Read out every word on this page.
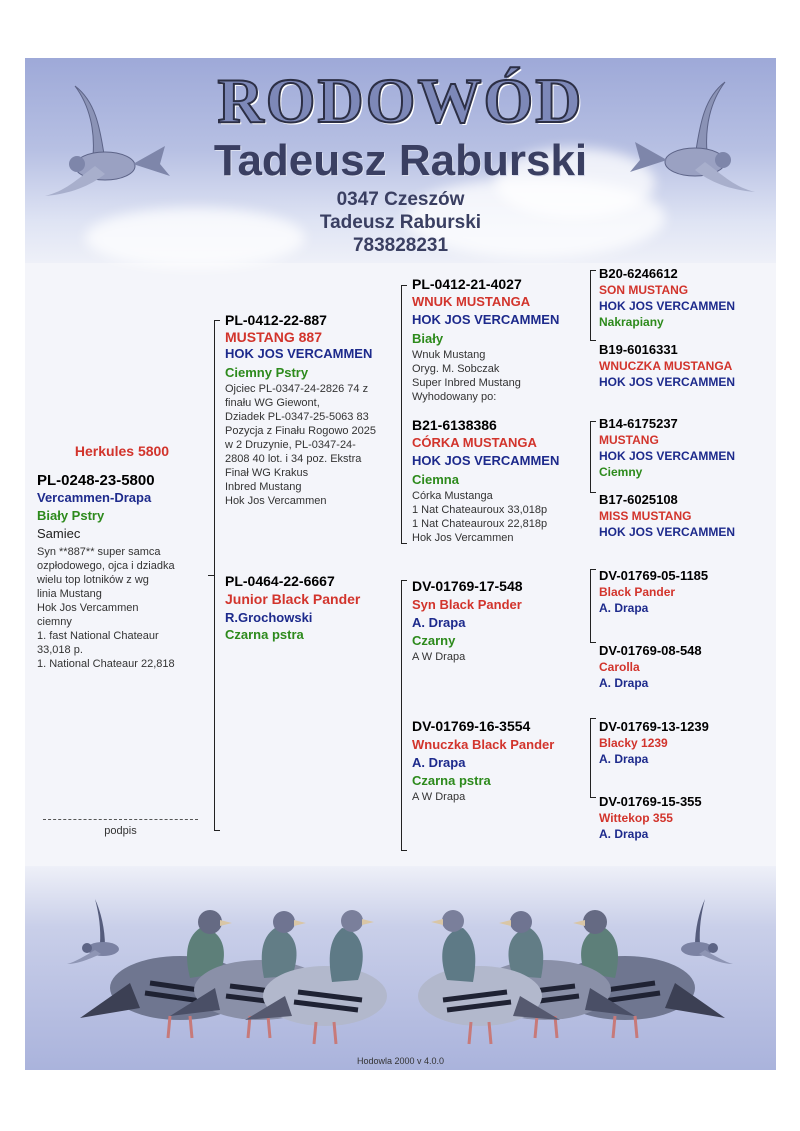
RODOWÓD
Tadeusz Raburski
0347 Czeszów
Tadeusz Raburski
783828231
Herkules 5800
PL-0248-23-5800
Vercammen-Drapa
Biały Pstry
Samiec
Syn **887** super samca
ozpłodowego, ojca i dziadka
wielu top lotników z wg
linia Mustang
Hok Jos Vercammen
ciemny
1. fast National Chateaur
33,018 p.
1. National Chateaur 22,818
podpis
PL-0412-22-887
MUSTANG 887
HOK JOS VERCAMMEN
Ciemny Pstry
Ojciec PL-0347-24-2826 74 z
finału WG Giewont,
Dziadek PL-0347-25-5063 83
Pozycja z Finału Rogowo 2025
w 2 Druzynie, PL-0347-24-
2808 40 lot. i 34 poz. Ekstra
Finał WG Krakus
Inbred Mustang
Hok Jos Vercammen
PL-0464-22-6667
Junior Black Pander
R.Grochowski
Czarna pstra
PL-0412-21-4027
WNUK MUSTANGA
HOK JOS VERCAMMEN
Biały
Wnuk Mustang
Oryg. M. Sobczak
Super Inbred Mustang
Wyhodowany po:
B21-6138386
CÓRKA MUSTANGA
HOK JOS VERCAMMEN
Ciemna
Córka Mustanga
1 Nat Chateauroux 33,018p
1 Nat Chateauroux 22,818p
Hok Jos Vercammen
DV-01769-17-548
Syn Black Pander
A. Drapa
Czarny
A W Drapa
DV-01769-16-3554
Wnuczka Black Pander
A. Drapa
Czarna pstra
A W Drapa
B20-6246612
SON MUSTANG
HOK JOS VERCAMMEN
Nakrapiany
B19-6016331
WNUCZKA MUSTANGA
HOK JOS VERCAMMEN
B14-6175237
MUSTANG
HOK JOS VERCAMMEN
Ciemny
B17-6025108
MISS MUSTANG
HOK JOS VERCAMMEN
DV-01769-05-1185
Black Pander
A. Drapa
DV-01769-08-548
Carolla
A. Drapa
DV-01769-13-1239
Blacky 1239
A. Drapa
DV-01769-15-355
Wittekop 355
A. Drapa
Hodowla 2000 v 4.0.0
